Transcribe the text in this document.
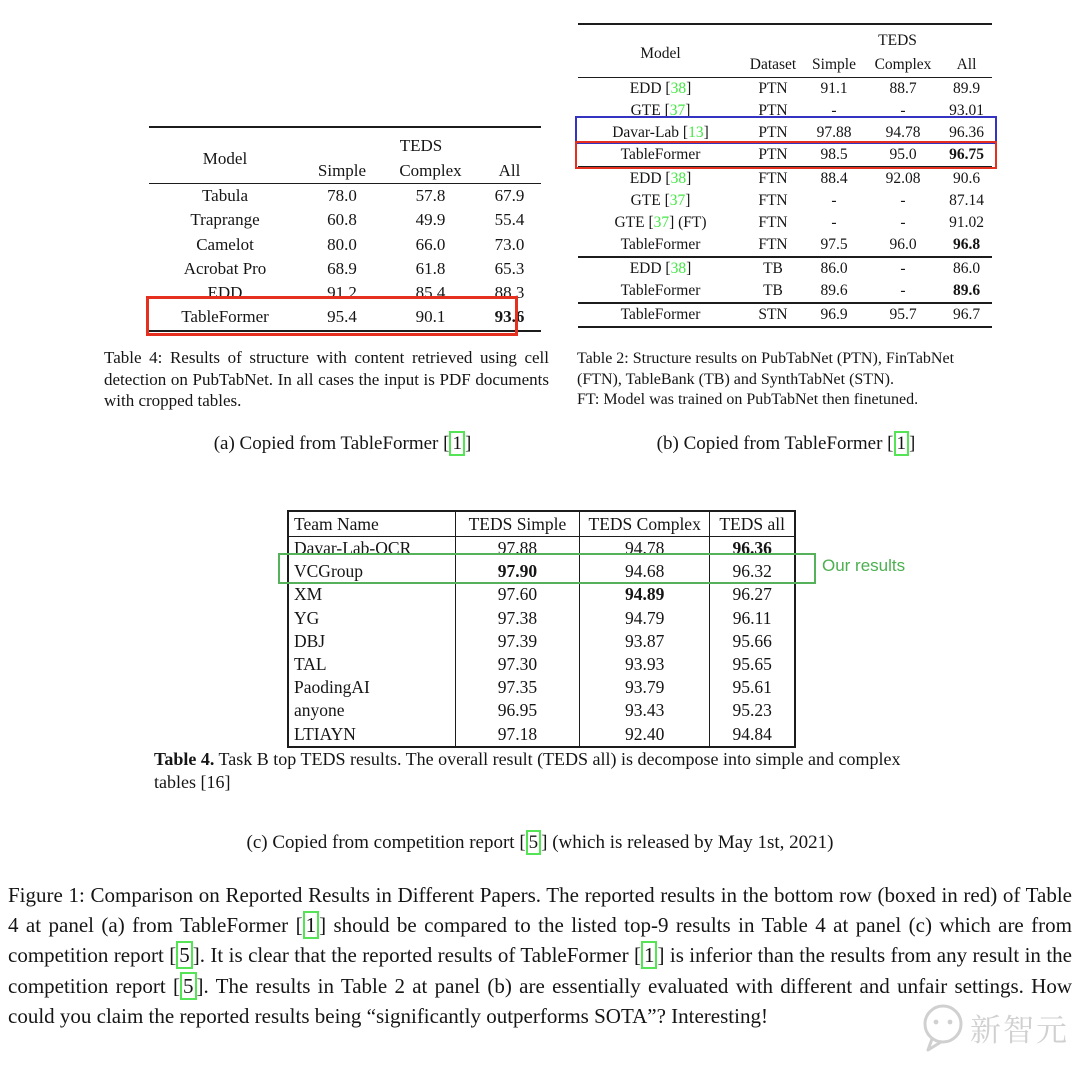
Model	TEDS		
	Simple	Complex	All
Tabula	78.0	57.8	67.9
Traprange	60.8	49.9	55.4
Camelot	80.0	66.0	73.0
Acrobat Pro	68.9	61.8	65.3
EDD	91.2	85.4	88.3
TableFormer	95.4	90.1	93.6
Model		TEDS		
	Dataset	Simple	Complex	All
EDD [38]	PTN	91.1	88.7	89.9
GTE [37]	PTN	-	-	93.01
Davar-Lab [13]	PTN	97.88	94.78	96.36
TableFormer	PTN	98.5	95.0	96.75
EDD [38]	FTN	88.4	92.08	90.6
GTE [37]	FTN	-	-	87.14
GTE [37] (FT)	FTN	-	-	91.02
TableFormer	FTN	97.5	96.0	96.8
EDD [38]	TB	86.0	-	86.0
TableFormer	TB	89.6	-	89.6
TableFormer	STN	96.9	95.7	96.7
Team Name	TEDS Simple	TEDS Complex	TEDS all
Davar-Lab-OCR	97.88	94.78	96.36
VCGroup	97.90	94.68	96.32
XM	97.60	94.89	96.27
YG	97.38	94.79	96.11
DBJ	97.39	93.87	95.66
TAL	97.30	93.93	95.65
PaodingAI	97.35	93.79	95.61
anyone	96.95	93.43	95.23
LTIAYN	97.18	92.40	94.84
Our results
Table 4: Results of structure with content retrieved using cell detection on PubTabNet. In all cases the input is PDF documents with cropped tables.
Table 2: Structure results on PubTabNet (PTN), FinTabNet (FTN), TableBank (TB) and SynthTabNet (STN).
FT: Model was trained on PubTabNet then finetuned.
(a) Copied from TableFormer [ 1 ]	(b) Copied from TableFormer [ 1 ]
Table 4. Task B top TEDS results. The overall result (TEDS all) is decompose into simple and complex tables [16]
(c) Copied from competition report [ 5 ] (which is released by May 1st, 2021)

Figure 1: Comparison on Reported Results in Different Papers. The reported results in the bottom row (boxed in red) of Table 4 at panel (a) from TableFormer [ 1 ] should be compared to the listed top-9 results in Table 4 at panel (c) which are from competition report [ 5 ]. It is clear that the reported results of TableFormer [ 1 ] is inferior than the results from any result in the competition report [ 5 ]. The results in Table 2 at panel (b) are essentially evaluated with different and unfair settings. How could you claim the reported results being “significantly outperforms SOTA”? Interesting!	新智元
